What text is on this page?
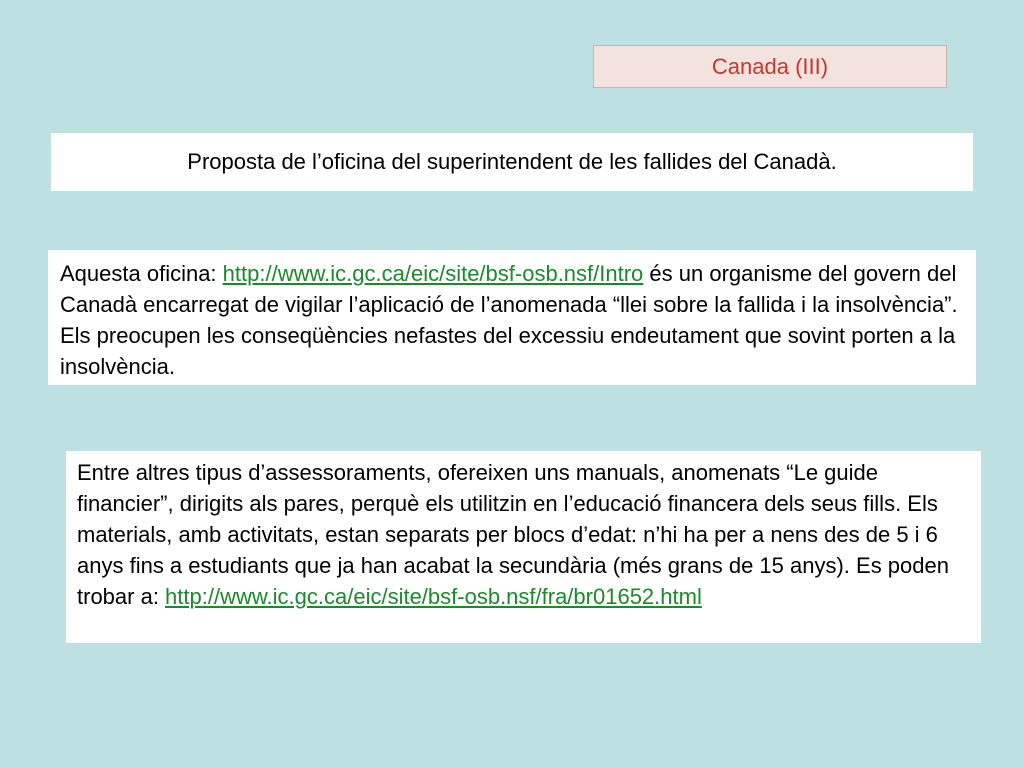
Canada (III)
Proposta de l’oficina del superintendent de les fallides del Canadà.

Aquesta oficina: http://www.ic.gc.ca/eic/site/bsf-osb.nsf/Intro és un organisme del govern del Canadà encarregat de vigilar l’aplicació de l’anomenada “llei sobre la fallida i la insolvència”. Els preocupen les conseqüències nefastes del excessiu endeutament que sovint porten a la insolvència.

Entre altres tipus d’assessoraments, ofereixen uns manuals, anomenats “Le guide financier”, dirigits als pares, perquè els utilitzin en l’educació financera dels seus fills. Els materials, amb activitats, estan separats per blocs d’edat: n’hi ha per a nens des de 5 i 6 anys fins a estudiants que ja han acabat la secundària (més grans de 15 anys). Es poden trobar a: http://www.ic.gc.ca/eic/site/bsf-osb.nsf/fra/br01652.html
